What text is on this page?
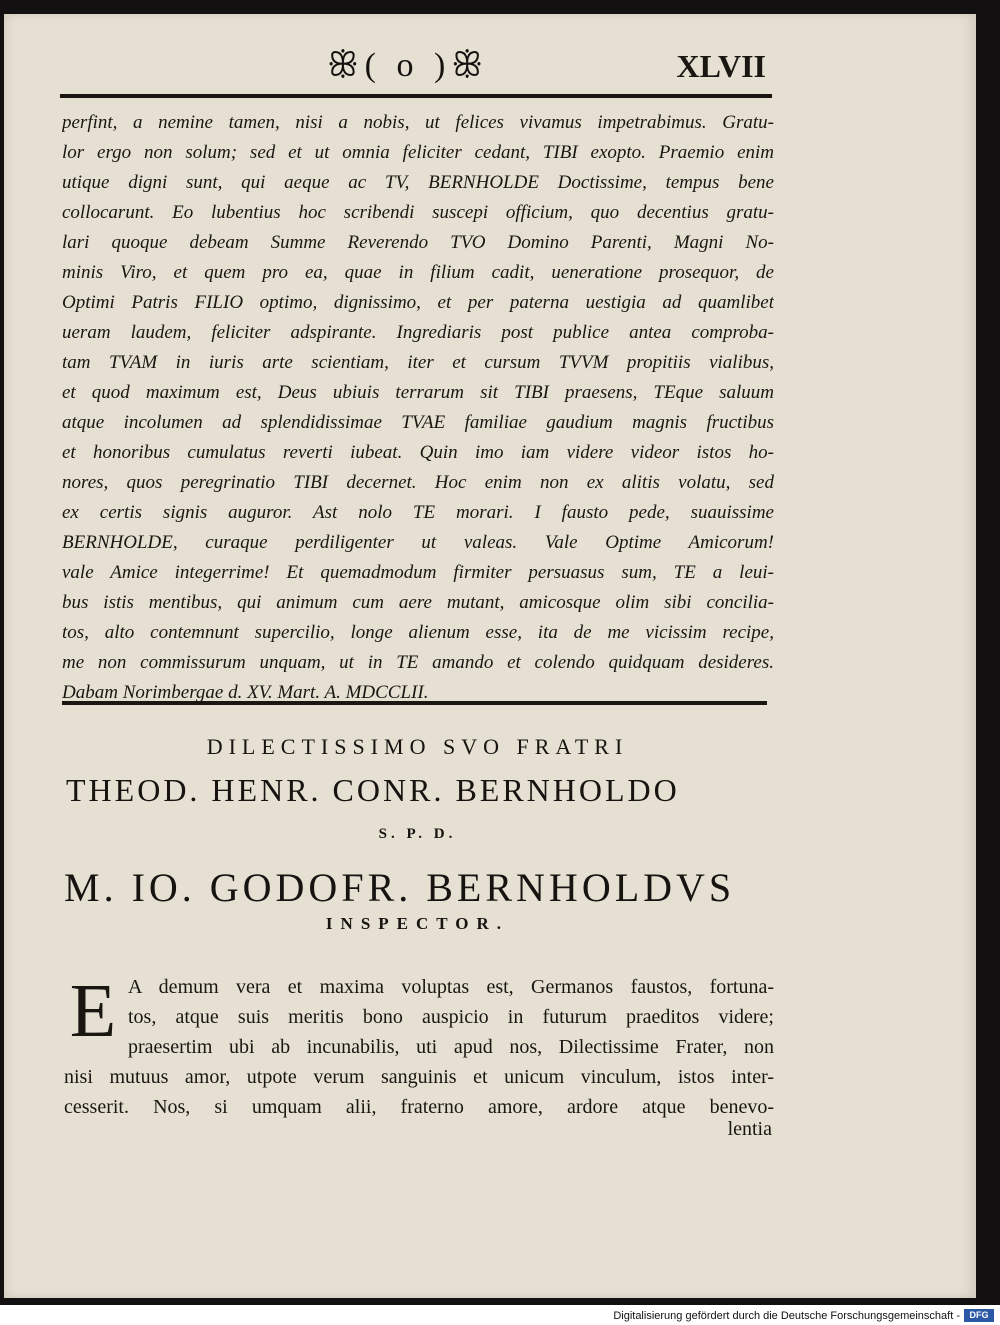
ꕥ( o )ꕥ	XLVII
perfint, a nemine tamen, nisi a nobis, ut felices vivamus impetrabimus. Gratu-
lor ergo non solum; sed et ut omnia feliciter cedant, TIBI exopto. Praemio enim
utique digni sunt, qui aeque ac TV, BERNHOLDE Doctissime, tempus bene
collocarunt. Eo lubentius hoc scribendi suscepi officium, quo decentius gratu-
lari quoque debeam Summe Reverendo TVO Domino Parenti, Magni No-
minis Viro, et quem pro ea, quae in filium cadit, ueneratione prosequor, de
Optimi Patris FILIO optimo, dignissimo, et per paterna uestigia ad quamlibet
ueram laudem, feliciter adspirante. Ingrediaris post publice antea comproba-
tam TVAM in iuris arte scientiam, iter et cursum TVVM propitiis vialibus,
et quod maximum est, Deus ubiuis terrarum sit TIBI praesens, TEque saluum
atque incolumen ad splendidissimae TVAE familiae gaudium magnis fructibus
et honoribus cumulatus reverti iubeat. Quin imo iam videre videor istos ho-
nores, quos peregrinatio TIBI decernet. Hoc enim non ex alitis volatu, sed
ex certis signis auguror. Ast nolo TE morari. I fausto pede, suauissime
BERNHOLDE, curaque perdiligenter ut valeas. Vale Optime Amicorum!
vale Amice integerrime! Et quemadmodum firmiter persuasus sum, TE a leui-
bus istis mentibus, qui animum cum aere mutant, amicosque olim sibi concilia-
tos, alto contemnunt supercilio, longe alienum esse, ita de me vicissim recipe,
me non commissurum unquam, ut in TE amando et colendo quidquam desideres.
Dabam Norimbergae d. XV. Mart. A. MDCCLII.
DILECTISSIMO SVO FRATRI
THEOD. HENR. CONR. BERNHOLDO
S. P. D.
M. IO. GODOFR. BERNHOLDVS
INSPECTOR.
E A demum vera et maxima voluptas est, Germanos faustos, fortuna-
tos, atque suis meritis bono auspicio in futurum praeditos videre;
praesertim ubi ab incunabilis, uti apud nos, Dilectissime Frater, non
nisi mutuus amor, utpote verum sanguinis et unicum vinculum, istos inter-
cesserit. Nos, si umquam alii, fraterno amore, ardore atque benevo-
lentia
Digitalisierung gefördert durch die Deutsche Forschungsgemeinschaft -	DFG
